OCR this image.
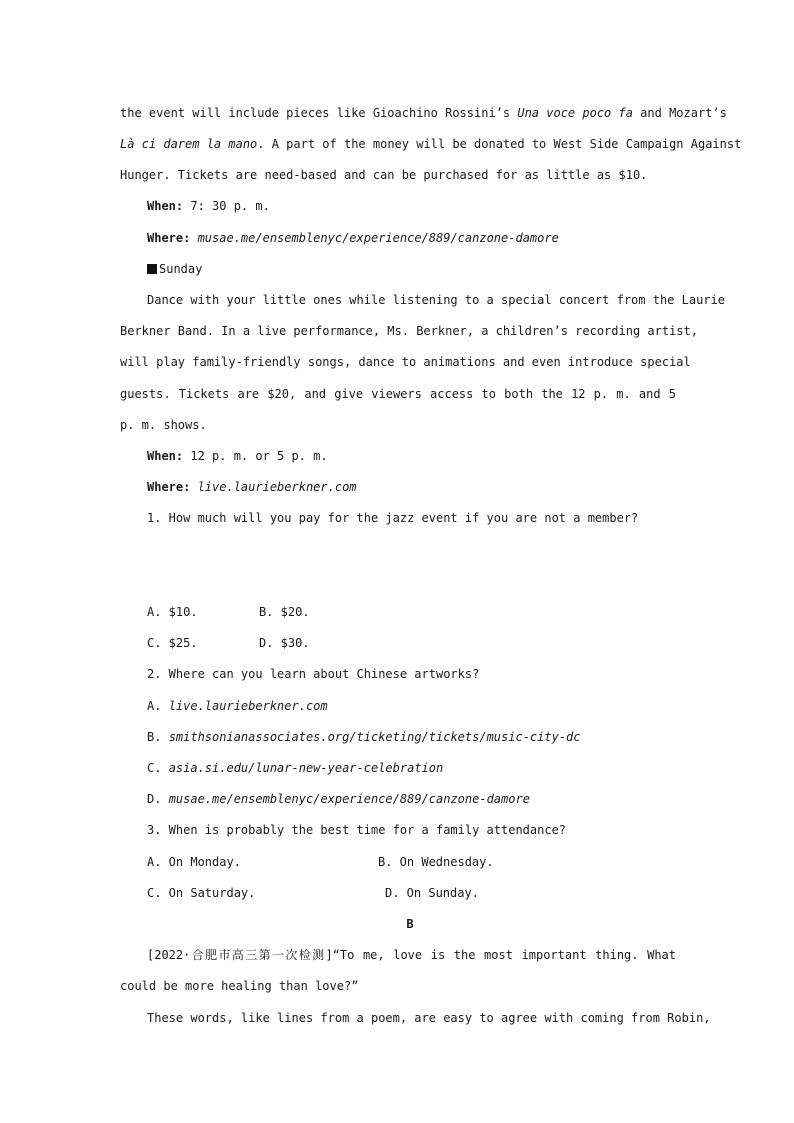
the event will include pieces like Gioachino Rossini’s Una voce poco fa and Mozart’s
Là ci darem la mano. A part of the money will be donated to West Side Campaign Against
Hunger. Tickets are need-based and can be purchased for as little as $10.
When: 7: 30 p. m.
Where: musae.me/ensemblenyc/experience/889/canzone-damore
Sunday
Dance with your little ones while listening to a special concert from the Laurie
Berkner Band. In a live performance, Ms. Berkner, a children’s recording artist,
will play family-friendly songs, dance to animations and even introduce special
guests. Tickets are $20, and give viewers access to both the 12 p. m. and 5
p. m. shows.
When: 12 p. m. or 5 p. m.
Where: live.laurieberkner.com
1. How much will you pay for the jazz event if you are not a member?
A. $10.	B. $20.
C. $25.	D. $30.
2. Where can you learn about Chinese artworks?
A. live.laurieberkner.com
B. smithsonianassociates.org/ticketing/tickets/music-city-dc
C. asia.si.edu/lunar-new-year-celebration
D. musae.me/ensemblenyc/experience/889/canzone-damore
3. When is probably the best time for a family attendance?
A. On Monday.	B. On Wednesday.
C. On Saturday.	D. On Sunday.
B
[2022·合肥市高三第一次检测]“To me, love is the most important thing. What
could be more healing than love?”
These words, like lines from a poem, are easy to agree with coming from Robin,
